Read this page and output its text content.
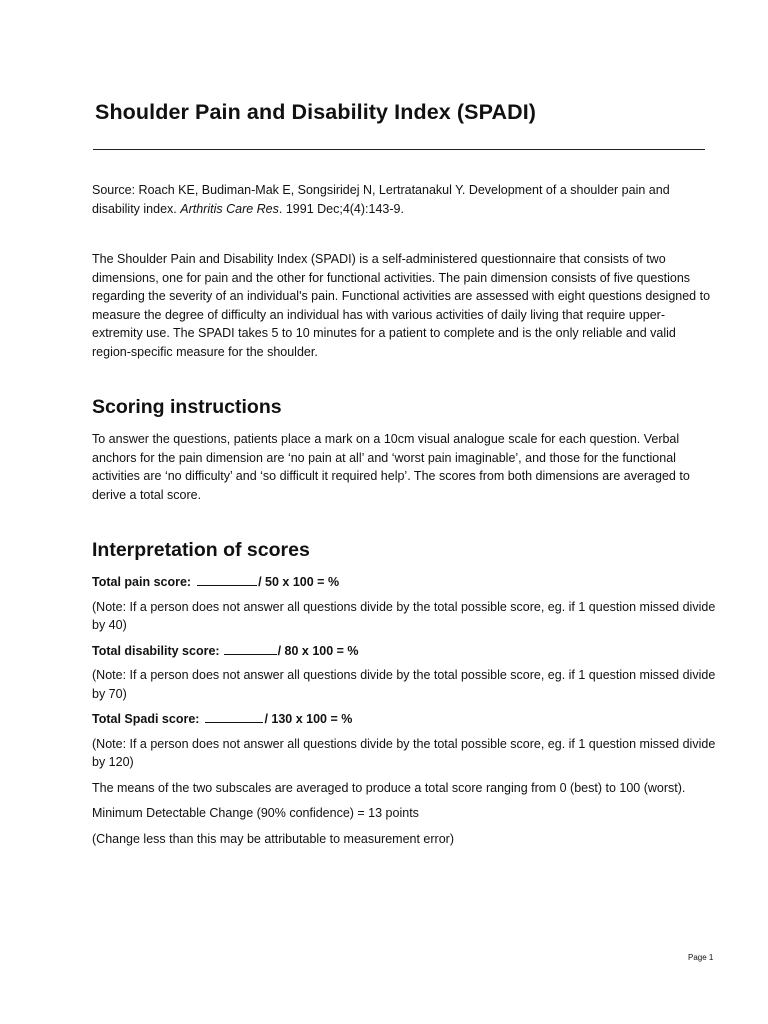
Shoulder Pain and Disability Index (SPADI)

Source: Roach KE, Budiman-Mak E, Songsiridej N, Lertratanakul Y. Development of a shoulder pain and disability index. Arthritis Care Res. 1991 Dec;4(4):143-9.

The Shoulder Pain and Disability Index (SPADI) is a self-administered questionnaire that consists of two dimensions, one for pain and the other for functional activities. The pain dimension consists of five questions regarding the severity of an individual's pain. Functional activities are assessed with eight questions designed to measure the degree of difficulty an individual has with various activities of daily living that require upper-extremity use. The SPADI takes 5 to 10 minutes for a patient to complete and is the only reliable and valid region-specific measure for the shoulder.

Scoring instructions

To answer the questions, patients place a mark on a 10cm visual analogue scale for each question. Verbal anchors for the pain dimension are ‘no pain at all’ and ‘worst pain imaginable’, and those for the functional activities are ‘no difficulty’ and ‘so difficult it required help’. The scores from both dimensions are averaged to derive a total score.

Interpretation of scores

Total pain score:	/ 50 x 100 = %

(Note: If a person does not answer all questions divide by the total possible score, eg. if 1 question missed divide by 40)

Total disability score:	/ 80 x 100 = %

(Note: If a person does not answer all questions divide by the total possible score, eg. if 1 question missed divide by 70)

Total Spadi score:	/ 130 x 100 = %

(Note: If a person does not answer all questions divide by the total possible score, eg. if 1 question missed divide by 120)

The means of the two subscales are averaged to produce a total score ranging from 0 (best) to 100 (worst).

Minimum Detectable Change (90% confidence) = 13 points

(Change less than this may be attributable to measurement error)

Page 1
